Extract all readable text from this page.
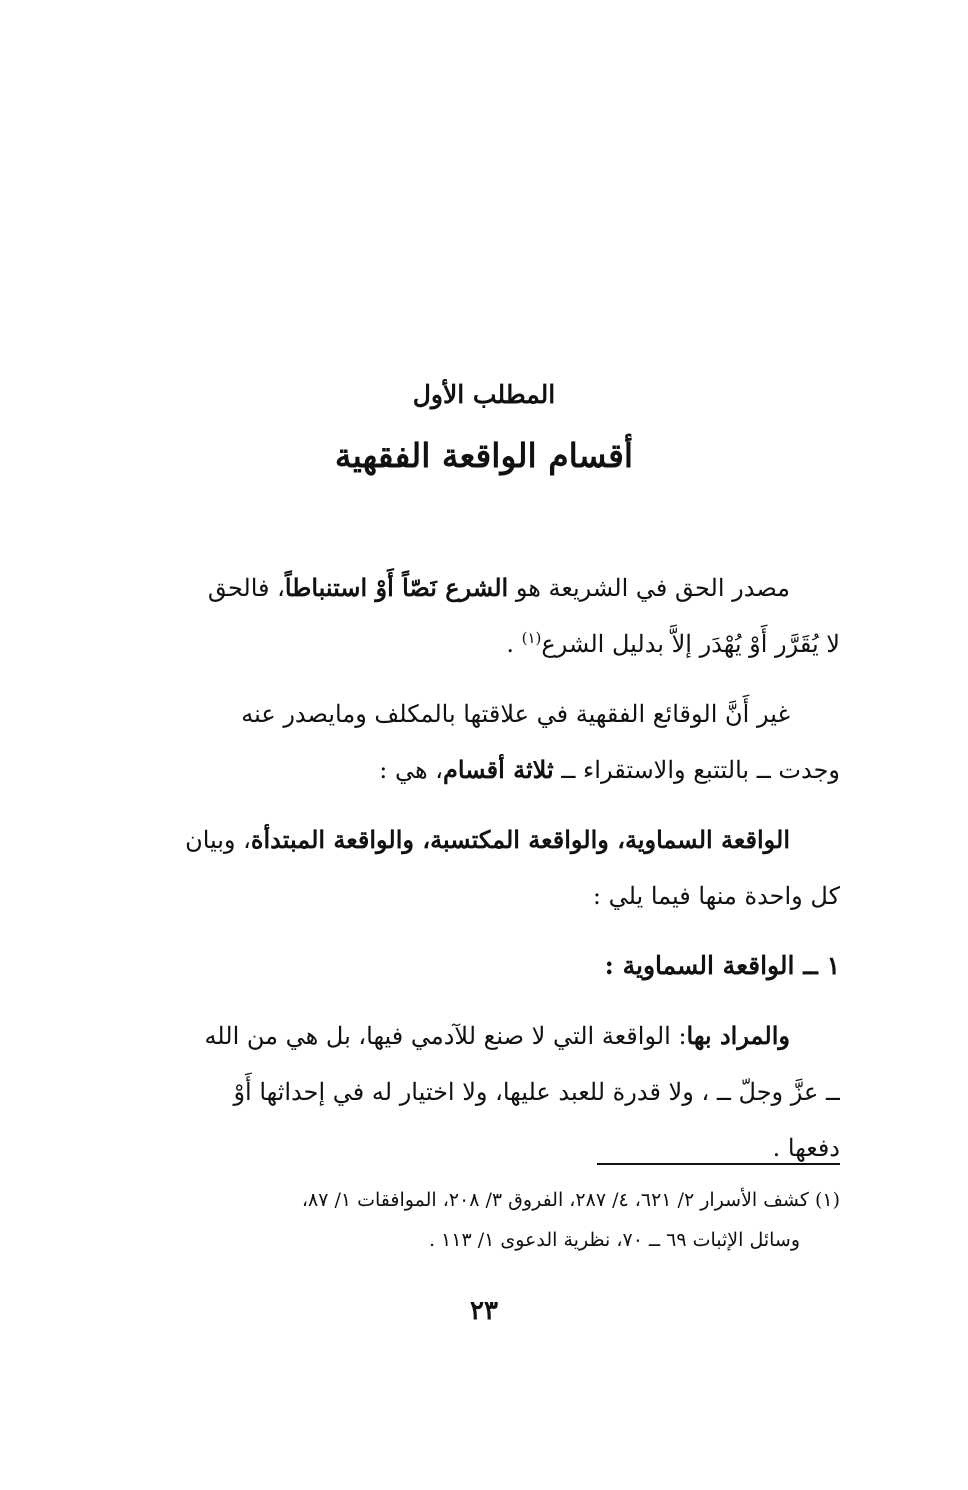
المطلب الأول
أقسام الواقعة الفقهية
مصدر الحق في الشريعة هو الشرع نَصّاً أَوْ استنباطاً، فالحق
لا يُقَرَّر أَوْ يُهْدَر إلاَّ بدليل الشرع$^{(١)}$ .
غير أَنَّ الوقائع الفقهية في علاقتها بالمكلف ومايصدر عنه
وجدت ــ بالتتبع والاستقراء ــ ثلاثة أقسام، هي :
الواقعة السماوية، والواقعة المكتسبة، والواقعة المبتدأة، وبيان
كل واحدة منها فيما يلي :
١ ــ الواقعة السماوية :
والمراد بها: الواقعة التي لا صنع للآدمي فيها، بل هي من الله
ــ عزَّ وجلّ ــ ، ولا قدرة للعبد عليها، ولا اختيار له في إحداثها أَوْ
دفعها .
(١) كشف الأسرار ٢/ ٦٢١، ٤/ ٢٨٧، الفروق ٣/ ٢٠٨، الموافقات ١/ ٨٧،
وسائل الإثبات ٦٩ ــ ٧٠، نظرية الدعوى ١/ ١١٣ .
٢٣
